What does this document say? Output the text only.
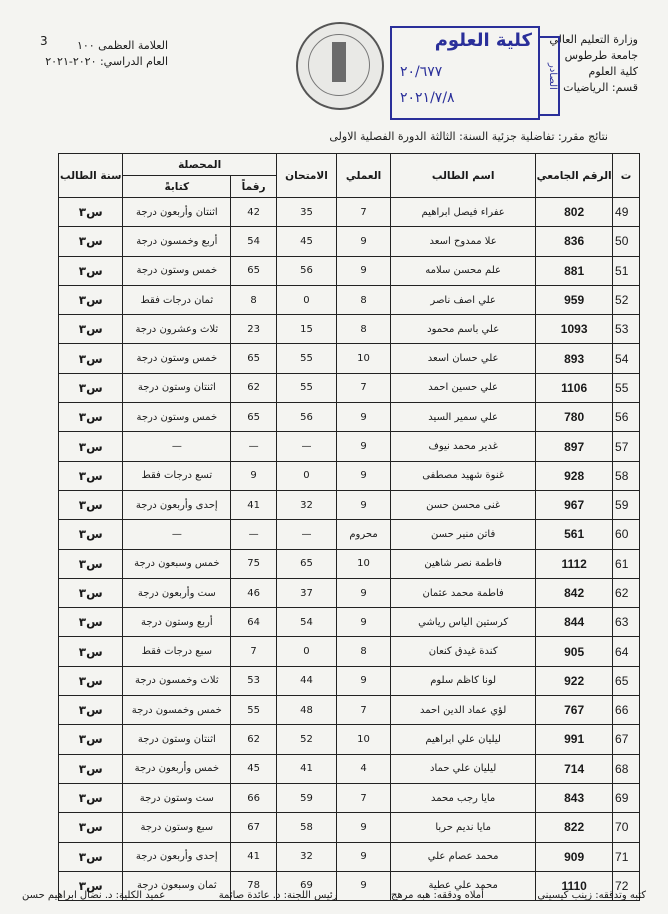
وزارة التعليم العالي
جامعة طرطوس
كلية العلوم
قسم: الرياضيات
3	العلامة العظمى ١٠٠
العام الدراسي: ٢٠٢٠-٢٠٢١
كلية العلوم
٢٠/٦٧٧
٢٠٢١/٧/٨
الصادر
نتائج مقرر: تفاضلية جزئية السنة: الثالثة الدورة الفصلية الاولى
ت	الرقم الجامعي	اسم الطالب	العملي	الامتحان	المحصلة		سنة الطالب
					رقماً	كتابةً	
49	802	عفراء فيصل ابراهيم	7	35	42	اثنتان وأربعون درجة	س٣
50	836	علا ممدوح اسعد	9	45	54	أربع وخمسون درجة	س٣
51	881	علم محسن سلامه	9	56	65	خمس وستون درجة	س٣
52	959	علي اصف ناصر	8	0	8	ثمان درجات فقط	س٣
53	1093	علي باسم محمود	8	15	23	ثلاث وعشرون درجة	س٣
54	893	علي حسان اسعد	10	55	65	خمس وستون درجة	س٣
55	1106	علي حسين احمد	7	55	62	اثنتان وستون درجة	س٣
56	780	علي سمير السيد	9	56	65	خمس وستون درجة	س٣
57	897	غدير محمد نيوف	9	—	—	—	س٣
58	928	غنوة شهيد مصطفى	9	0	9	تسع درجات فقط	س٣
59	967	غنى محسن حسن	9	32	41	إحدى وأربعون درجة	س٣
60	561	فاتن منير حسن	محروم	—	—	—	س٣
61	1112	فاطمة نصر شاهين	10	65	75	خمس وسبعون درجة	س٣
62	842	فاطمة محمد عثمان	9	37	46	ست وأربعون درجة	س٣
63	844	كرستين الياس رياشي	9	54	64	أربع وستون درجة	س٣
64	905	كندة غيدق كنعان	8	0	7	سبع درجات فقط	س٣
65	922	لونا كاظم سلوم	9	44	53	ثلاث وخمسون درجة	س٣
66	767	لؤي عماد الدين احمد	7	48	55	خمس وخمسون درجة	س٣
67	991	ليليان علي ابراهيم	10	52	62	اثنتان وستون درجة	س٣
68	714	ليليان علي حماد	4	41	45	خمس وأربعون درجة	س٣
69	843	مايا رجب محمد	7	59	66	ست وستون درجة	س٣
70	822	مايا نديم حربا	9	58	67	سبع وستون درجة	س٣
71	909	محمد عصام علي	9	32	41	إحدى وأربعون درجة	س٣
72	1110	محمد علي عطية	9	69	78	ثمان وسبعون درجة	س٣
كتبه وتدققه: زينب كيسيني
أملاه ودققه: هبه مرهج
رئيس اللجنة: د. عائدة صائمة
عميد الكلية: د. نضال ابراهيم حسن
